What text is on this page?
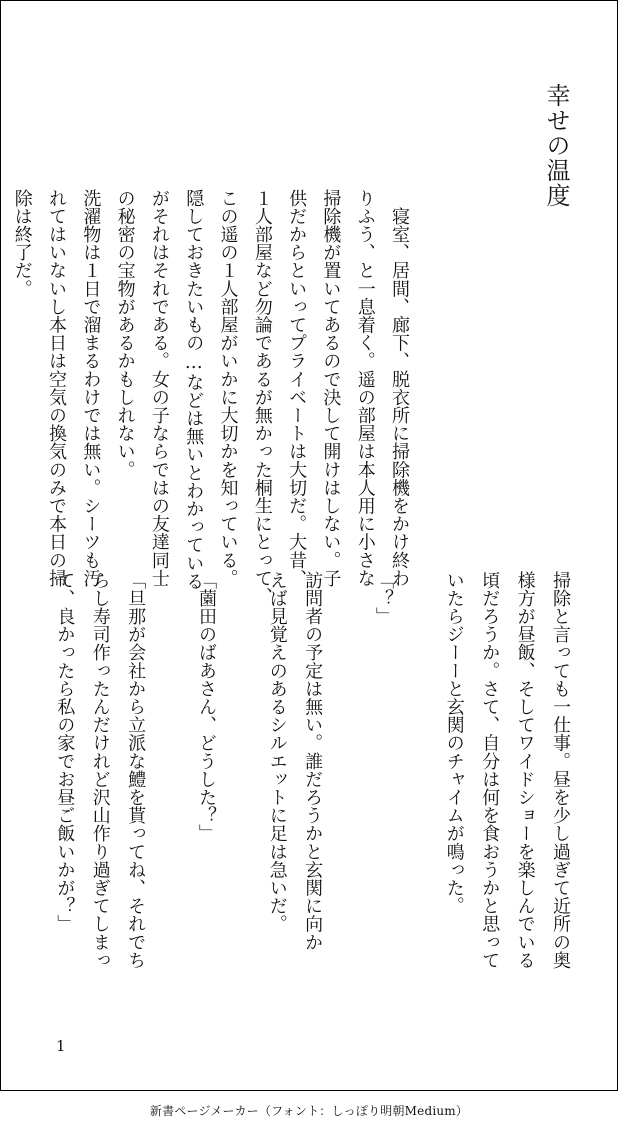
幸せの温度
　寝室、居間、廊下、脱衣所に掃除機をかけ終わ
りふう、と一息着く。遥の部屋は本人用に小さな
掃除機が置いてあるので決して開けはしない。子
供だからといってプライベートは大切だ。大昔、
１人部屋など勿論であるが無かった桐生にとって、
この遥の１人部屋がいかに大切かを知っている。
隠しておきたいもの…などは無いとわかっている
がそれはそれである。女の子ならではの友達同士
の秘密の宝物があるかもしれない。
洗濯物は１日で溜まるわけでは無い。シーツも汚
れてはいないし本日は空気の換気のみで本日の掃
除は終了だ。
掃除と言っても一仕事。昼を少し過ぎて近所の奥
様方が昼飯、そしてワイドショーを楽しんでいる
頃だろうか。さて、自分は何を食おうかと思って
いたらジーーと玄関のチャイムが鳴った。
「？」
訪問者の予定は無い。誰だろうかと玄関に向か
えば見覚えのあるシルエットに足は急いだ。
「薗田のばあさん、どうした？」
「旦那が会社から立派な鱧を貰ってね、それでち
らし寿司作ったんだけれど沢山作り過ぎてしまっ
て、良かったら私の家でお昼ご飯いかが？」
1
新書ページメーカー（フォント：しっぽり明朝Medium）
